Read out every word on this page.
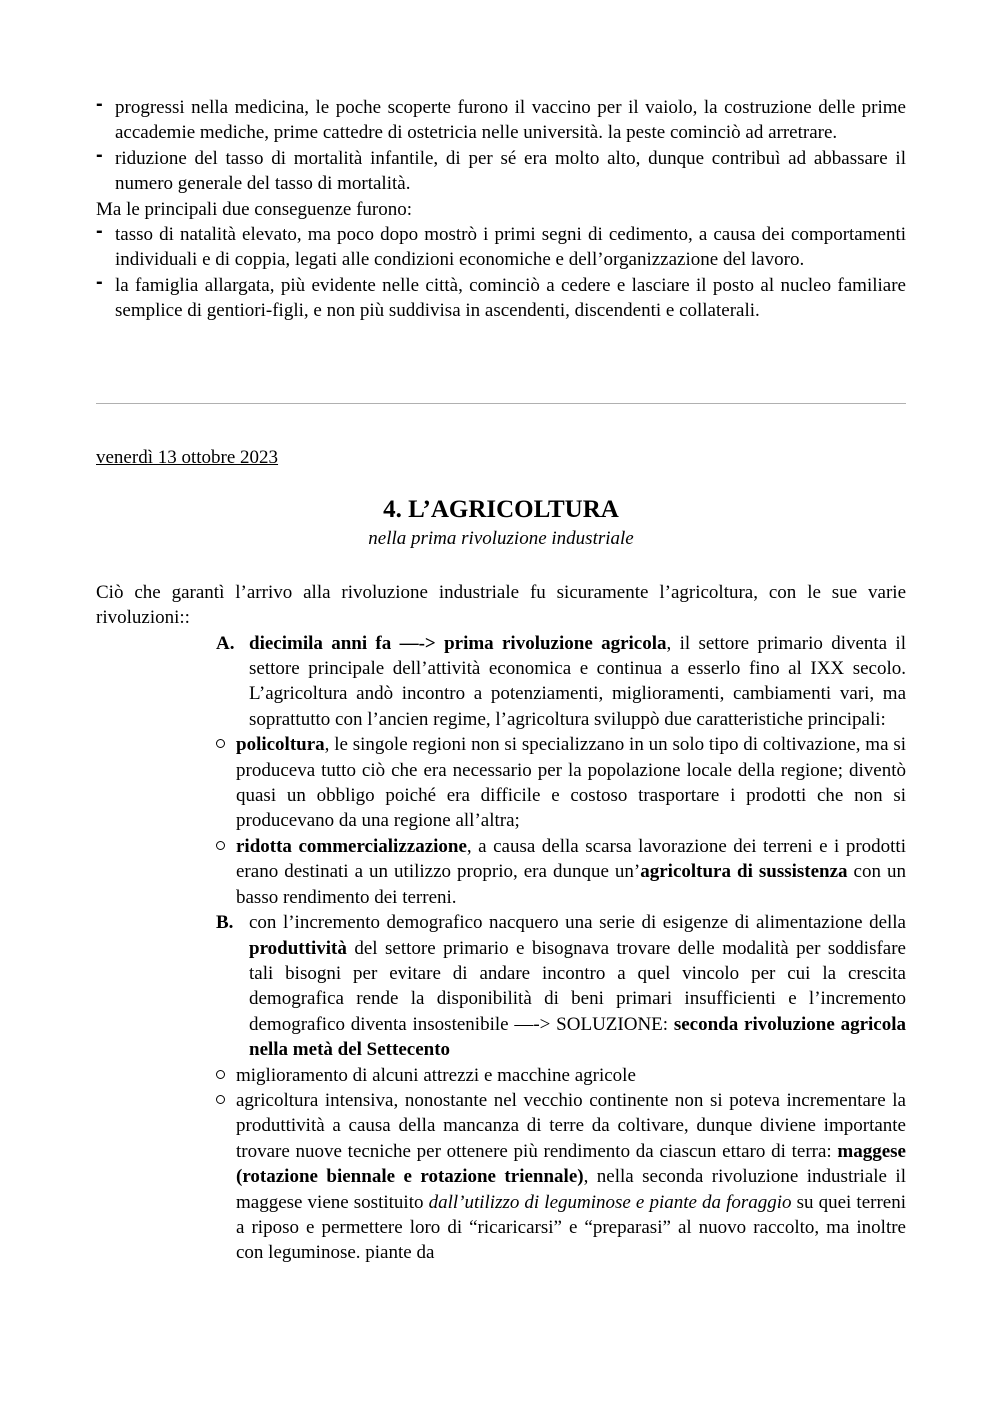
- progressi nella medicina, le poche scoperte furono il vaccino per il vaiolo, la costruzione delle prime accademie mediche, prime cattedre di ostetricia nelle università. la peste cominciò ad arretrare.
- riduzione del tasso di mortalità infantile, di per sé era molto alto, dunque contribuì ad abbassare il numero generale del tasso di mortalità.
Ma le principali due conseguenze furono:
- tasso di natalità elevato, ma poco dopo mostrò i primi segni di cedimento, a causa dei comportamenti individuali e di coppia, legati alle condizioni economiche e dell’organizzazione del lavoro.
- la famiglia allargata, più evidente nelle città, cominciò a cedere e lasciare il posto al nucleo familiare semplice di gentiori-figli, e non più suddivisa in ascendenti, discendenti e collaterali.
venerdì 13 ottobre 2023
4. L’AGRICOLTURA
nella prima rivoluzione industriale
Ciò che garantì l’arrivo alla rivoluzione industriale fu sicuramente l’agricoltura, con le sue varie rivoluzioni::
A. diecimila anni fa —-> prima rivoluzione agricola, il settore primario diventa il settore principale dell’attività economica e continua a esserlo fino al IXX secolo. L’agricoltura andò incontro a potenziamenti, miglioramenti, cambiamenti vari, ma soprattutto con l’ancien regime, l’agricoltura sviluppò due caratteristiche principali:
policoltura, le singole regioni non si specializzano in un solo tipo di coltivazione, ma si produceva tutto ciò che era necessario per la popolazione locale della regione; diventò quasi un obbligo poiché era difficile e costoso trasportare i prodotti che non si producevano da una regione all’altra;
ridotta commercializzazione, a causa della scarsa lavorazione dei terreni e i prodotti erano destinati a un utilizzo proprio, era dunque un’agricoltura di sussistenza con un basso rendimento dei terreni.
B. con l’incremento demografico nacquero una serie di esigenze di alimentazione della produttività del settore primario e bisognava trovare delle modalità per soddisfare tali bisogni per evitare di andare incontro a quel vincolo per cui la crescita demografica rende la disponibilità di beni primari insufficienti e l’incremento demografico diventa insostenibile —-> SOLUZIONE: seconda rivoluzione agricola nella metà del Settecento
miglioramento di alcuni attrezzi e macchine agricole
agricoltura intensiva, nonostante nel vecchio continente non si poteva incrementare la produttività a causa della mancanza di terre da coltivare, dunque diviene importante trovare nuove tecniche per ottenere più rendimento da ciascun ettaro di terra: maggese (rotazione biennale e rotazione triennale), nella seconda rivoluzione industriale il maggese viene sostituito dall’utilizzo di leguminose e piante da foraggio su quei terreni a riposo e permettere loro di “ricaricarsi” e “preparasi” al nuovo raccolto, ma inoltre con leguminose. piante da
